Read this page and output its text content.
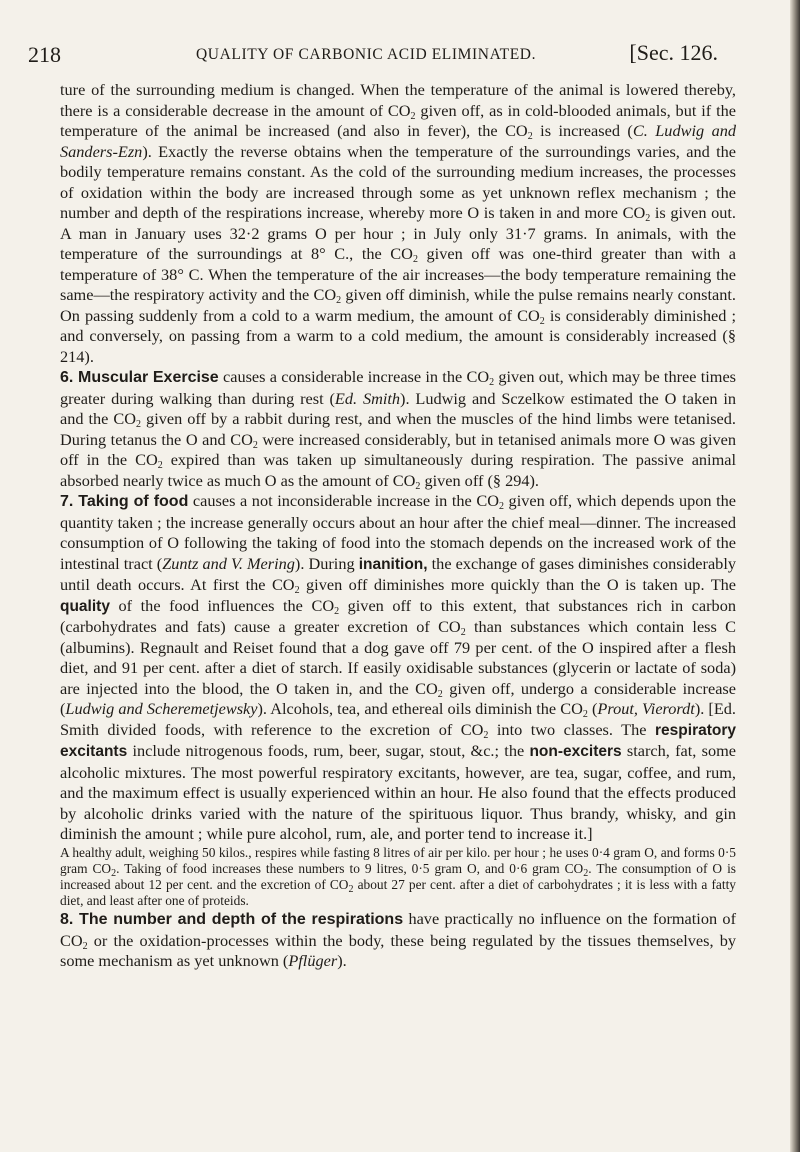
218	QUALITY OF CARBONIC ACID ELIMINATED.	[Sec. 126.

ture of the surrounding medium is changed. When the temperature of the animal is lowered thereby, there is a considerable decrease in the amount of $CO_2$ given off, as in cold-blooded animals, but if the temperature of the animal be increased (and also in fever), the $CO_2$ is increased (C. Ludwig and Sanders-Ezn). Exactly the reverse obtains when the temperature of the surroundings varies, and the bodily temperature remains constant. As the cold of the surrounding medium increases, the processes of oxidation within the body are increased through some as yet unknown reflex mechanism ; the number and depth of the respirations increase, whereby more O is taken in and more $CO_2$ is given out. A man in January uses 32·2 grams O per hour ; in July only 31·7 grams. In animals, with the temperature of the surroundings at 8° C., the $CO_2$ given off was one-third greater than with a temperature of 38° C. When the temperature of the air increases—the body temperature remaining the same—the respiratory activity and the $CO_2$ given off diminish, while the pulse remains nearly constant. On passing suddenly from a cold to a warm medium, the amount of $CO_2$ is considerably diminished ; and conversely, on passing from a warm to a cold medium, the amount is considerably increased (§ 214).

6. Muscular Exercise causes a considerable increase in the $CO_2$ given out, which may be three times greater during walking than during rest (Ed. Smith). Ludwig and Sczelkow estimated the O taken in and the $CO_2$ given off by a rabbit during rest, and when the muscles of the hind limbs were tetanised. During tetanus the O and $CO_2$ were increased considerably, but in tetanised animals more O was given off in the $CO_2$ expired than was taken up simultaneously during respiration. The passive animal absorbed nearly twice as much O as the amount of $CO_2$ given off (§ 294).

7. Taking of food causes a not inconsiderable increase in the $CO_2$ given off, which depends upon the quantity taken ; the increase generally occurs about an hour after the chief meal—dinner. The increased consumption of O following the taking of food into the stomach depends on the increased work of the intestinal tract (Zuntz and V. Mering). During inanition, the exchange of gases diminishes considerably until death occurs. At first the $CO_2$ given off diminishes more quickly than the O is taken up. The quality of the food influences the $CO_2$ given off to this extent, that substances rich in carbon (carbohydrates and fats) cause a greater excretion of $CO_2$ than substances which contain less C (albumins). Regnault and Reiset found that a dog gave off 79 per cent. of the O inspired after a flesh diet, and 91 per cent. after a diet of starch. If easily oxidisable substances (glycerin or lactate of soda) are injected into the blood, the O taken in, and the $CO_2$ given off, undergo a considerable increase (Ludwig and Scheremetjewsky). Alcohols, tea, and ethereal oils diminish the $CO_2$ (Prout, Vierordt). [Ed. Smith divided foods, with reference to the excretion of $CO_2$ into two classes. The respiratory excitants include nitrogenous foods, rum, beer, sugar, stout, &c.; the non-exciters starch, fat, some alcoholic mixtures. The most powerful respiratory excitants, however, are tea, sugar, coffee, and rum, and the maximum effect is usually experienced within an hour. He also found that the effects produced by alcoholic drinks varied with the nature of the spirituous liquor. Thus brandy, whisky, and gin diminish the amount ; while pure alcohol, rum, ale, and porter tend to increase it.]

A healthy adult, weighing 50 kilos., respires while fasting 8 litres of air per kilo. per hour ; he uses 0·4 gram O, and forms 0·5 gram $CO_2$. Taking of food increases these numbers to 9 litres, 0·5 gram O, and 0·6 gram $CO_2$. The consumption of O is increased about 12 per cent. and the excretion of $CO_2$ about 27 per cent. after a diet of carbohydrates ; it is less with a fatty diet, and least after one of proteids.

8. The number and depth of the respirations have practically no influence on the formation of $CO_2$ or the oxidation-processes within the body, these being regulated by the tissues themselves, by some mechanism as yet unknown (Pflüger).
